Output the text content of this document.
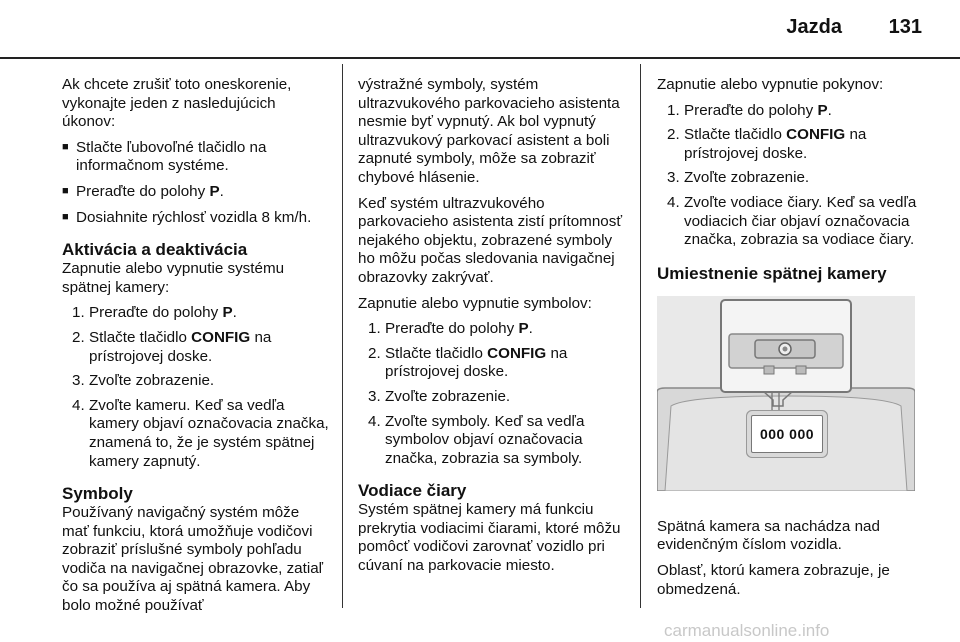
Jazda 131

Ak chcete zrušiť toto oneskorenie, vykonajte jeden z nasledujúcich úkonov:

■ Stlačte ľubovoľné tlačidlo na informačnom systéme.
■ Preraďte do polohy P.
■ Dosiahnite rýchlosť vozidla 8 km/h.
Aktivácia a deaktivácia

Zapnutie alebo vypnutie systému spätnej kamery:

1. Preraďte do polohy P.
2. Stlačte tlačidlo CONFIG na prístrojovej doske.
3. Zvoľte zobrazenie.
4. Zvoľte kameru. Keď sa vedľa kamery objaví označovacia značka, znamená to, že je systém spätnej kamery zapnutý.
Symboly

Používaný navigačný systém môže mať funkciu, ktorá umožňuje vodičovi zobraziť príslušné symboly pohľadu vodiča na navigačnej obrazovke, zatiaľ čo sa používa aj spätná kamera. Aby bolo možné používať

výstražné symboly, systém ultrazvukového parkovacieho asistenta nesmie byť vypnutý. Ak bol vypnutý ultrazvukový parkovací asistent a boli zapnuté symboly, môže sa zobraziť chybové hlásenie.

Keď systém ultrazvukového parkovacieho asistenta zistí prítomnosť nejakého objektu, zobrazené symboly ho môžu počas sledovania navigačnej obrazovky zakrývať.

Zapnutie alebo vypnutie symbolov:

1. Preraďte do polohy P.
2. Stlačte tlačidlo CONFIG na prístrojovej doske.
3. Zvoľte zobrazenie.
4. Zvoľte symboly. Keď sa vedľa symbolov objaví označovacia značka, zobrazia sa symboly.
Vodiace čiary

Systém spätnej kamery má funkciu prekrytia vodiacimi čiarami, ktoré môžu pomôcť vodičovi zarovnať vozidlo pri cúvaní na parkovacie miesto.

Zapnutie alebo vypnutie pokynov:

1. Preraďte do polohy P.
2. Stlačte tlačidlo CONFIG na prístrojovej doske.
3. Zvoľte zobrazenie.
4. Zvoľte vodiace čiary. Keď sa vedľa vodiacich čiar objaví označovacia značka, zobrazia sa vodiace čiary.
Umiestnenie spätnej kamery
000 000

Spätná kamera sa nachádza nad evidenčným číslom vozidla.

Oblasť, ktorú kamera zobrazuje, je obmedzená.

carmanualsonline.info
